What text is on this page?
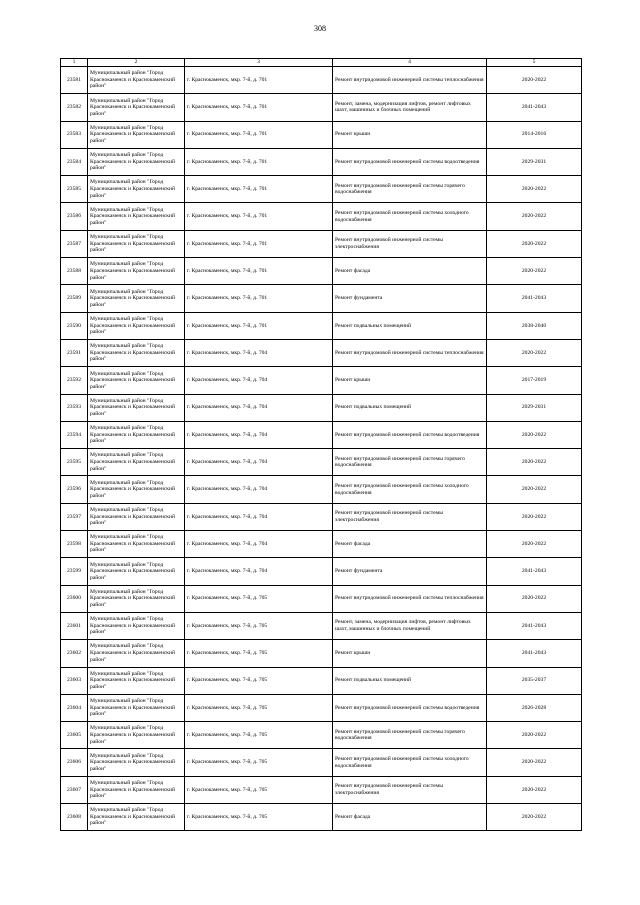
308
1	2	3	4	5
23581	Муниципальный район "Город Краснокаменск и Краснокаменский район"	г. Краснокаменск, мкр. 7-й, д. 701	Ремонт внутридомовой инженерной системы теплоснабжения	2020-2022
23582	Муниципальный район "Город Краснокаменск и Краснокаменский район"	г. Краснокаменск, мкр. 7-й, д. 701	Ремонт, замена, модернизация лифтов, ремонт лифтовых шахт, машинных и блочных помещений	2041-2043
23583	Муниципальный район "Город Краснокаменск и Краснокаменский район"	г. Краснокаменск, мкр. 7-й, д. 701	Ремонт крыши	2014-2016
23584	Муниципальный район "Город Краснокаменск и Краснокаменский район"	г. Краснокаменск, мкр. 7-й, д. 701	Ремонт внутридомовой инженерной системы водоотведения	2029-2031
23585	Муниципальный район "Город Краснокаменск и Краснокаменский район"	г. Краснокаменск, мкр. 7-й, д. 701	Ремонт внутридомовой инженерной системы горячего водоснабжения	2020-2022
23586	Муниципальный район "Город Краснокаменск и Краснокаменский район"	г. Краснокаменск, мкр. 7-й, д. 701	Ремонт внутридомовой инженерной системы холодного водоснабжения	2020-2022
23587	Муниципальный район "Город Краснокаменск и Краснокаменский район"	г. Краснокаменск, мкр. 7-й, д. 701	Ремонт внутридомовой инженерной системы электроснабжения	2020-2022
23588	Муниципальный район "Город Краснокаменск и Краснокаменский район"	г. Краснокаменск, мкр. 7-й, д. 701	Ремонт фасада	2020-2022
23589	Муниципальный район "Город Краснокаменск и Краснокаменский район"	г. Краснокаменск, мкр. 7-й, д. 701	Ремонт фундамента	2041-2043
23590	Муниципальный район "Город Краснокаменск и Краснокаменский район"	г. Краснокаменск, мкр. 7-й, д. 701	Ремонт подвальных помещений	2038-2040
23591	Муниципальный район "Город Краснокаменск и Краснокаменский район"	г. Краснокаменск, мкр. 7-й, д. 704	Ремонт внутридомовой инженерной системы теплоснабжения	2020-2022
23592	Муниципальный район "Город Краснокаменск и Краснокаменский район"	г. Краснокаменск, мкр. 7-й, д. 704	Ремонт крыши	2017-2019
23593	Муниципальный район "Город Краснокаменск и Краснокаменский район"	г. Краснокаменск, мкр. 7-й, д. 704	Ремонт подвальных помещений	2029-2031
23594	Муниципальный район "Город Краснокаменск и Краснокаменский район"	г. Краснокаменск, мкр. 7-й, д. 704	Ремонт внутридомовой инженерной системы водоотведения	2020-2022
23595	Муниципальный район "Город Краснокаменск и Краснокаменский район"	г. Краснокаменск, мкр. 7-й, д. 704	Ремонт внутридомовой инженерной системы горячего водоснабжения	2020-2022
23596	Муниципальный район "Город Краснокаменск и Краснокаменский район"	г. Краснокаменск, мкр. 7-й, д. 704	Ремонт внутридомовой инженерной системы холодного водоснабжения	2020-2022
23597	Муниципальный район "Город Краснокаменск и Краснокаменский район"	г. Краснокаменск, мкр. 7-й, д. 704	Ремонт внутридомовой инженерной системы электроснабжения	2020-2022
23598	Муниципальный район "Город Краснокаменск и Краснокаменский район"	г. Краснокаменск, мкр. 7-й, д. 704	Ремонт фасада	2020-2022
23599	Муниципальный район "Город Краснокаменск и Краснокаменский район"	г. Краснокаменск, мкр. 7-й, д. 704	Ремонт фундамента	2041-2043
23600	Муниципальный район "Город Краснокаменск и Краснокаменский район"	г. Краснокаменск, мкр. 7-й, д. 705	Ремонт внутридомовой инженерной системы теплоснабжения	2020-2022
23601	Муниципальный район "Город Краснокаменск и Краснокаменский район"	г. Краснокаменск, мкр. 7-й, д. 705	Ремонт, замена, модернизация лифтов, ремонт лифтовых шахт, машинных и блочных помещений	2041-2043
23602	Муниципальный район "Город Краснокаменск и Краснокаменский район"	г. Краснокаменск, мкр. 7-й, д. 705	Ремонт крыши	2041-2043
23603	Муниципальный район "Город Краснокаменск и Краснокаменский район"	г. Краснокаменск, мкр. 7-й, д. 705	Ремонт подвальных помещений	2035-2037
23604	Муниципальный район "Город Краснокаменск и Краснокаменский район"	г. Краснокаменск, мкр. 7-й, д. 705	Ремонт внутридомовой инженерной системы водоотведения	2026-2028
23605	Муниципальный район "Город Краснокаменск и Краснокаменский район"	г. Краснокаменск, мкр. 7-й, д. 705	Ремонт внутридомовой инженерной системы горячего водоснабжения	2020-2022
23606	Муниципальный район "Город Краснокаменск и Краснокаменский район"	г. Краснокаменск, мкр. 7-й, д. 705	Ремонт внутридомовой инженерной системы холодного водоснабжения	2020-2022
23607	Муниципальный район "Город Краснокаменск и Краснокаменский район"	г. Краснокаменск, мкр. 7-й, д. 705	Ремонт внутридомовой инженерной системы электроснабжения	2020-2022
23608	Муниципальный район "Город Краснокаменск и Краснокаменский район"	г. Краснокаменск, мкр. 7-й, д. 705	Ремонт фасада	2020-2022
